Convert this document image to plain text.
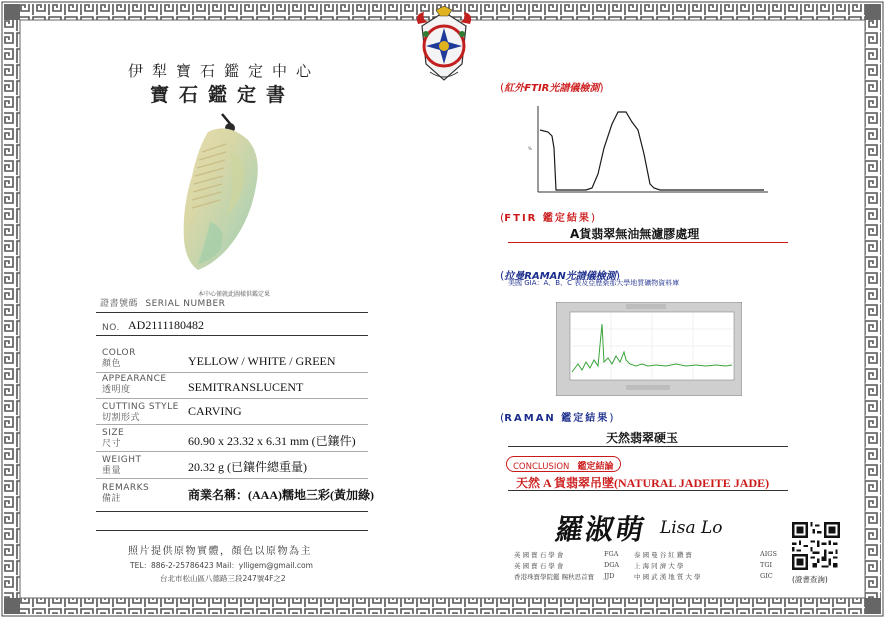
伊犁寶石鑑定中心
寶石鑑定書
本中心僅就此圖樣供鑑定果
證書號碼 SERIAL NUMBER
NO. AD2111180482
COLOR
顏色	YELLOW / WHITE / GREEN
APPEARANCE
透明度	SEMITRANSLUCENT
CUTTING STYLE
切割形式	CARVING
SIZE
尺寸	60.90 x 23.32 x 6.31 mm (已鑲件)
WEIGHT
重量	20.32 g (已鑲件總重量)
REMARKS
備註	商業名稱：(AAA)糯地三彩(黃加綠)
照片提供原物實體，顏色以原物為主
TEL：886-2-25786423 Mail：ylligem@gmail.com
台北市松山區八德路三段247號4F之2
(紅外FTIR光譜儀檢測)
%
(FTIR 鑑定結果)
A貨翡翠無油無濾膠處理
(拉曼RAMAN光譜儀檢測)
美國 GIA：A、B、C 表及亞歷桑那大學地質礦物資料庫
(RAMAN 鑑定結果)
天然翡翠硬玉
CONCLUSION 鑑定結論
天然 A 貨翡翠吊墜(NATURAL JADEITE JADE)
羅淑萌 Lisa Lo
英 國 寶 石 學 會	FGA 泰 國 曼 谷 紅 鑽 寶	AIGS
英 國 寶 石 學 會	DGA 上 海 同 濟 大 學	TGI
香港珠寶學院鑑 賜秋思首寶 JJD	中 國 武 漢 地 質 大 學	GIC	(證書查詢)
